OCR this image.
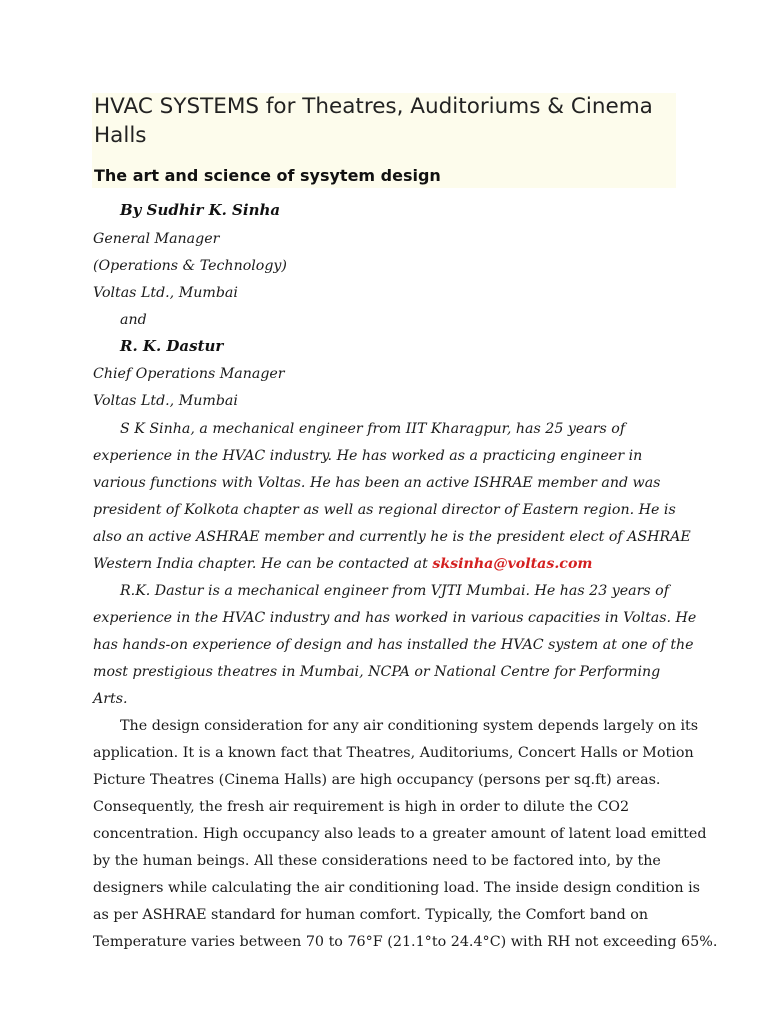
HVAC SYSTEMS for Theatres, Auditoriums & Cinema Halls
The art and science of sysytem design
By Sudhir K. Sinha
General Manager
(Operations & Technology)
Voltas Ltd., Mumbai
and
R. K. Dastur
Chief Operations Manager
Voltas Ltd., Mumbai
S K Sinha, a mechanical engineer from IIT Kharagpur, has 25 years of
experience in the HVAC industry. He has worked as a practicing engineer in
various functions with Voltas. He has been an active ISHRAE member and was
president of Kolkota chapter as well as regional director of Eastern region. He is
also an active ASHRAE member and currently he is the president elect of ASHRAE
Western India chapter. He can be contacted at sksinha@voltas.com
R.K. Dastur is a mechanical engineer from VJTI Mumbai. He has 23 years of
experience in the HVAC industry and has worked in various capacities in Voltas. He
has hands-on experience of design and has installed the HVAC system at one of the
most prestigious theatres in Mumbai, NCPA or National Centre for Performing
Arts.
The design consideration for any air conditioning system depends largely on its
application. It is a known fact that Theatres, Auditoriums, Concert Halls or Motion
Picture Theatres (Cinema Halls) are high occupancy (persons per sq.ft) areas.
Consequently, the fresh air requirement is high in order to dilute the CO2
concentration. High occupancy also leads to a greater amount of latent load emitted
by the human beings. All these considerations need to be factored into, by the
designers while calculating the air conditioning load. The inside design condition is
as per ASHRAE standard for human comfort. Typically, the Comfort band on
Temperature varies between 70 to 76°F (21.1°to 24.4°C) with RH not exceeding 65%.
